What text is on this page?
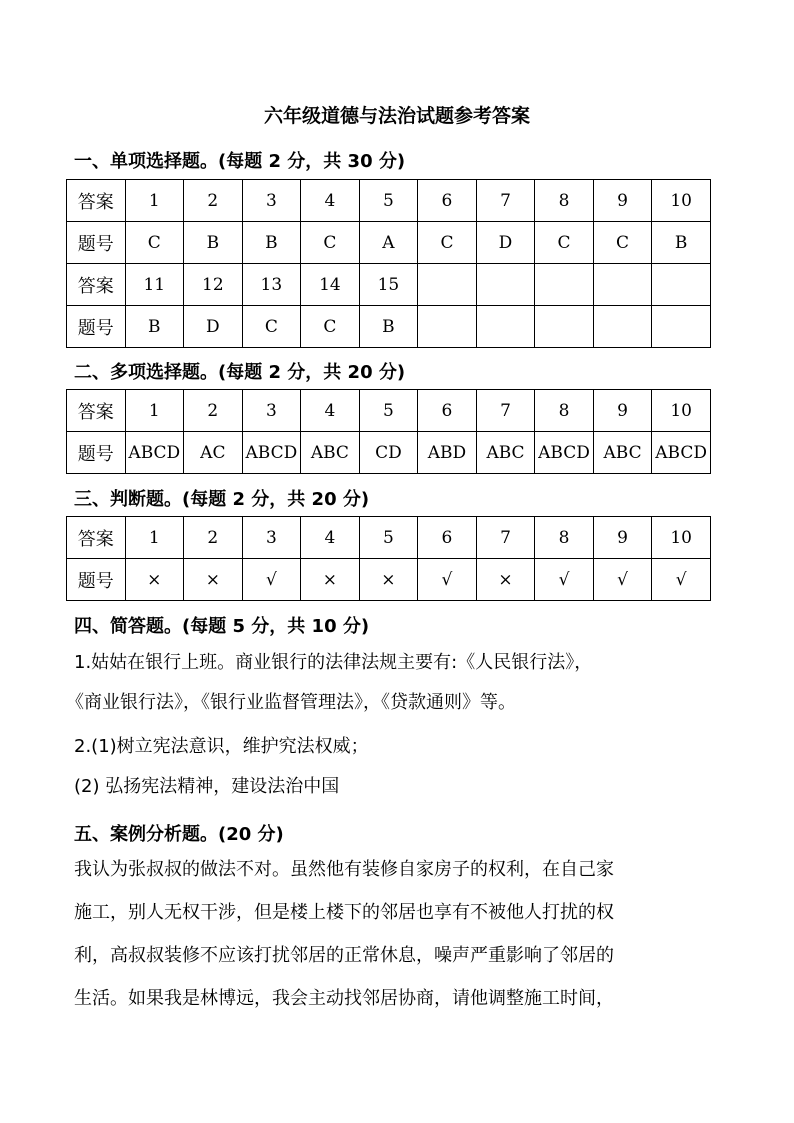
六年级道德与法治试题参考答案
一、单项选择题。(每题 2 分，共 30 分)
答案	1	2	3	4	5	6	7	8	9	10
题号	C	B	B	C	A	C	D	C	C	B
答案	11	12	13	14	15					
题号	B	D	C	C	B					
二、多项选择题。(每题 2 分，共 20 分)
答案	1	2	3	4	5	6	7	8	9	10
题号	ABCD	AC	ABCD	ABC	CD	ABD	ABC	ABCD	ABC	ABCD
三、判断题。(每题 2 分，共 20 分)
答案	1	2	3	4	5	6	7	8	9	10
题号	×	×	√	×	×	√	×	√	√	√
四、简答题。(每题 5 分，共 10 分)
1.姑姑在银行上班。商业银行的法律法规主要有:《人民银行法》，
《商业银行法》，《银行业监督管理法》，《贷款通则》等。
2.(1)树立宪法意识，维护究法权威；
(2) 弘扬宪法精神，建设法治中国
五、案例分析题。(20 分)
我认为张叔叔的做法不对。虽然他有装修自家房子的权利，在自己家
施工，别人无权干涉，但是楼上楼下的邻居也享有不被他人打扰的权
利，高叔叔装修不应该打扰邻居的正常休息，噪声严重影响了邻居的
生活。如果我是林博远，我会主动找邻居协商，请他调整施工时间，
